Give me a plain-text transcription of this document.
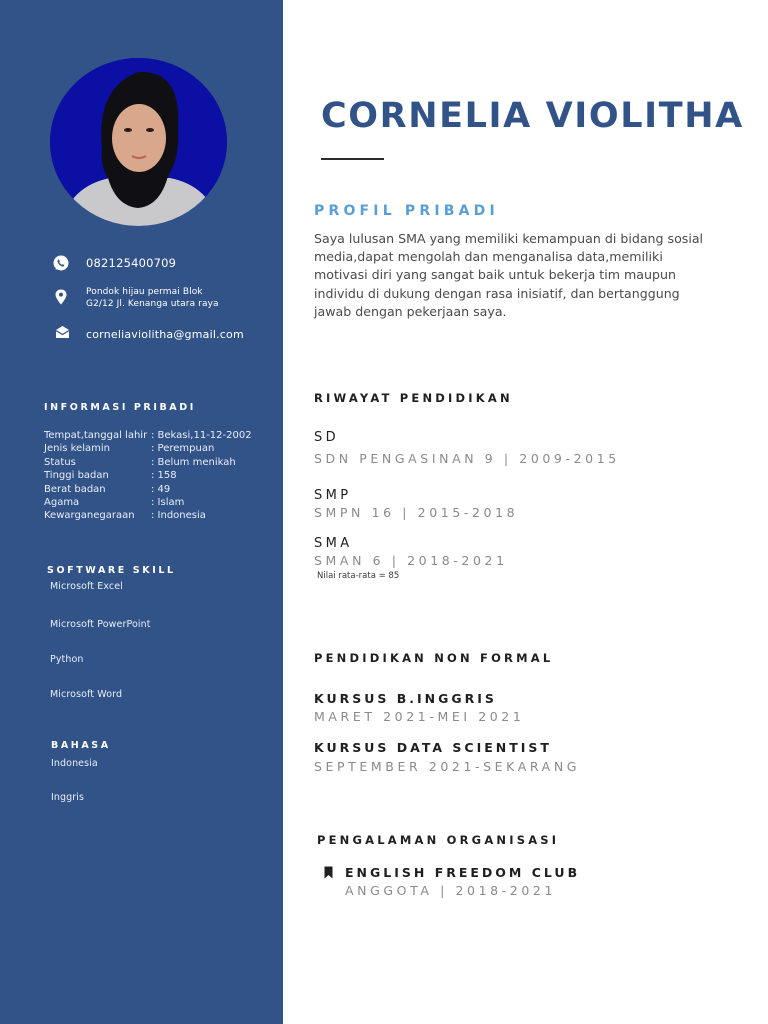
082125400709
Pondok hijau permai Blok
G2/12 Jl. Kenanga utara raya
corneliaviolitha@gmail.com
INFORMASI PRIBADI
Tempat,tanggal lahir : Bekasi,11-12-2002
Jenis kelamin	: Perempuan
Status	: Belum menikah
Tinggi badan	: 158
Berat badan	: 49
Agama	: Islam
Kewarganegaraan	: Indonesia
SOFTWARE SKILL
Microsoft Excel
Microsoft PowerPoint
Python
Microsoft Word
BAHASA
Indonesia
Inggris
CORNELIA VIOLITHA
PROFIL PRIBADI
Saya lulusan SMA yang memiliki kemampuan di bidang sosial media,dapat mengolah dan menganalisa data,memiliki motivasi diri yang sangat baik untuk bekerja tim maupun individu di dukung dengan rasa inisiatif, dan bertanggung jawab dengan pekerjaan saya.
RIWAYAT PENDIDIKAN
SD
SDN PENGASINAN 9 | 2009-2015
SMP
SMPN 16 | 2015-2018
SMA
SMAN 6 | 2018-2021
Nilai rata-rata = 85
PENDIDIKAN NON FORMAL
KURSUS B.INGGRIS
MARET 2021-MEI 2021
KURSUS DATA SCIENTIST
SEPTEMBER 2021-SEKARANG
PENGALAMAN ORGANISASI
ENGLISH FREEDOM CLUB
ANGGOTA | 2018-2021
